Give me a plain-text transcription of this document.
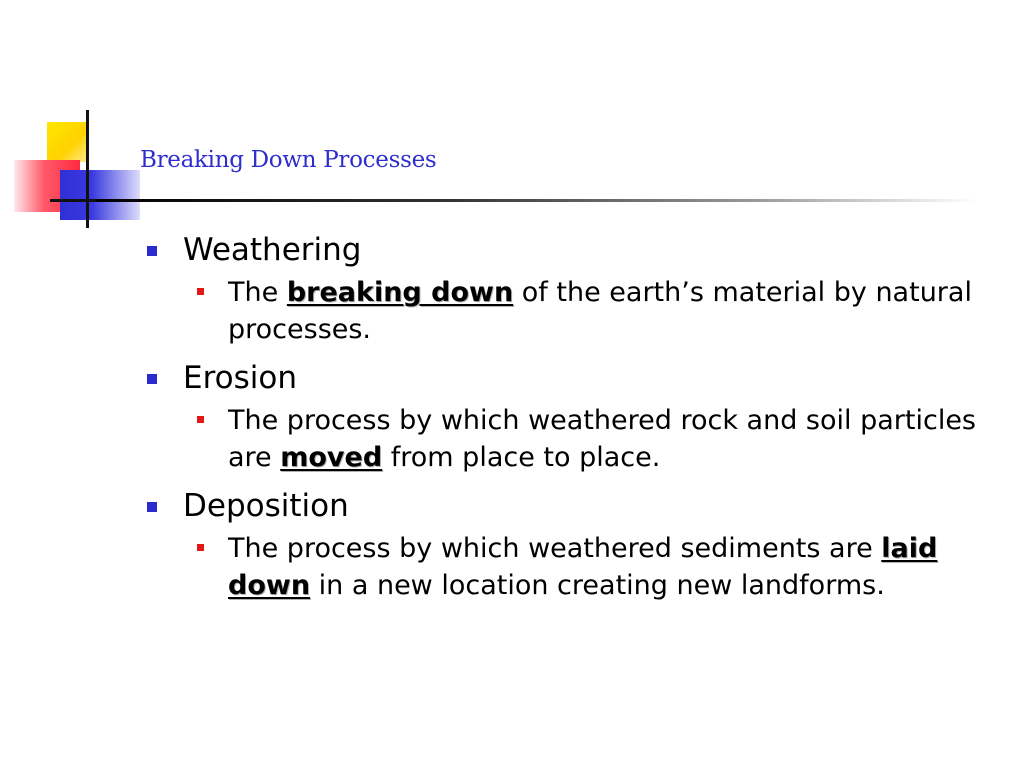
Breaking Down Processes
Weathering
The breaking down of the earth’s material by natural processes.
Erosion
The process by which weathered rock and soil particles are moved from place to place.
Deposition
The process by which weathered sediments are laid down in a new location creating new landforms.
